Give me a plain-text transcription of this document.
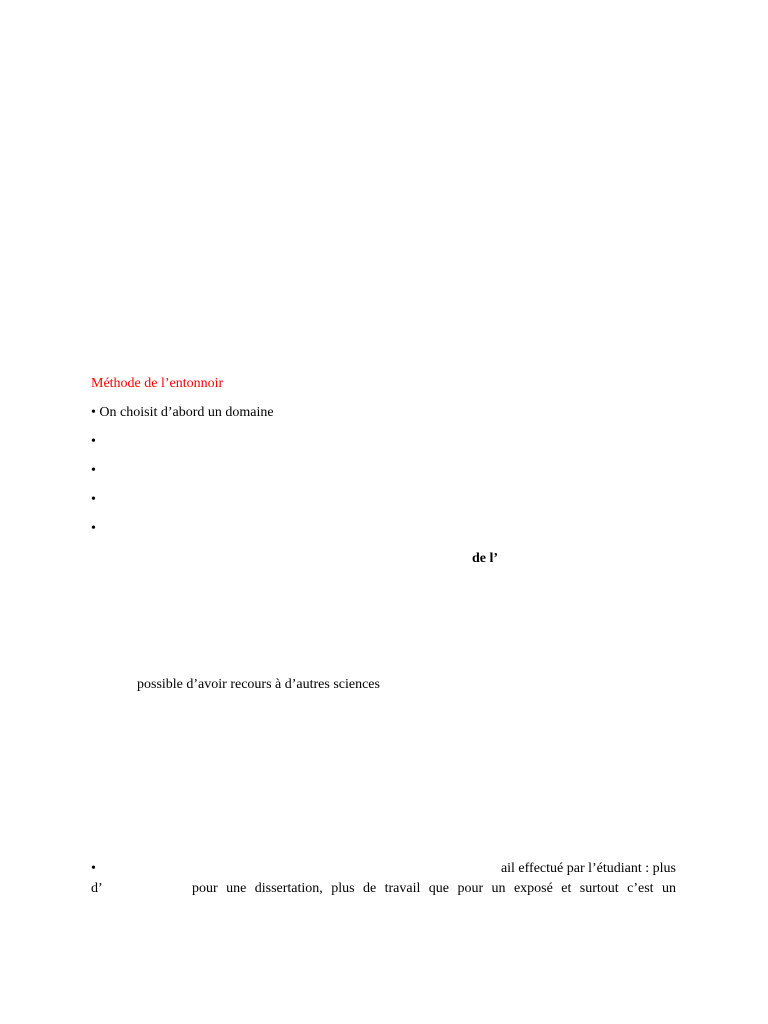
Méthode de l’entonnoir
• On choisit d’abord un domaine
•
•
•
•
de l’
possible d’avoir recours à d’autres sciences
•	ail effectué par l’étudiant : plus
d’	pour une dissertation, plus de travail que pour un exposé et surtout c’est un
